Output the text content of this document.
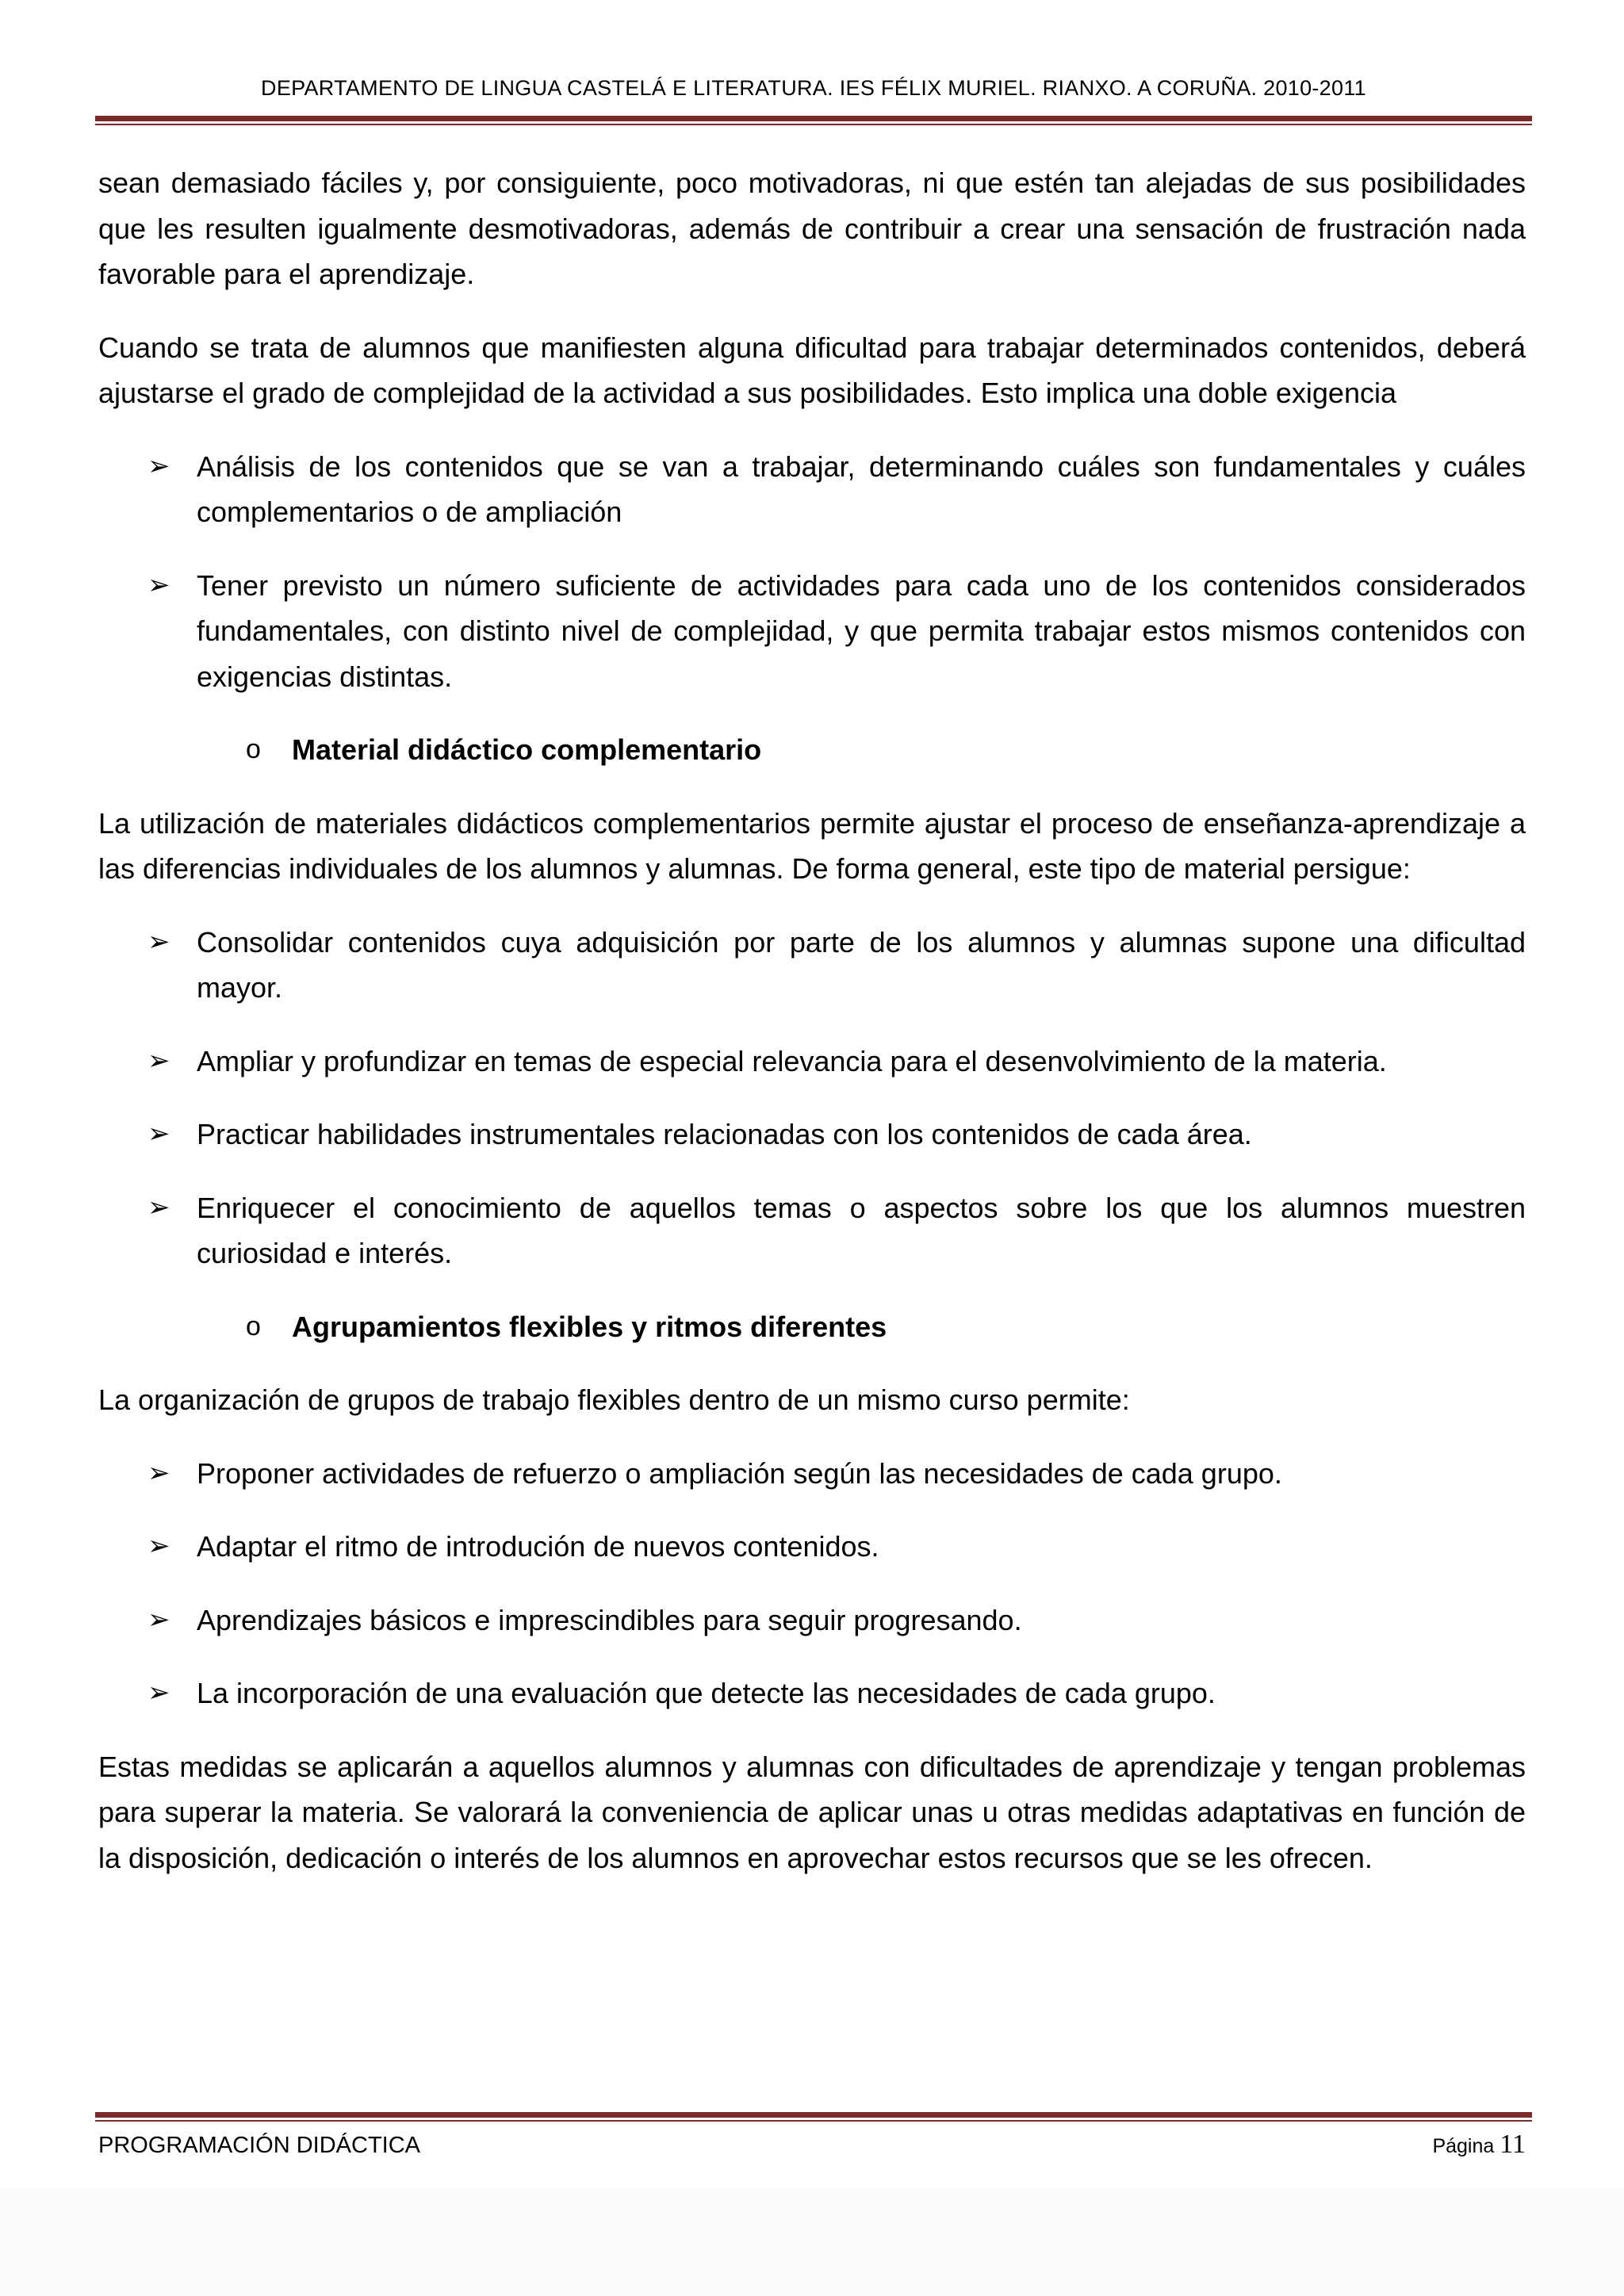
DEPARTAMENTO DE LINGUA CASTELÁ E LITERATURA. IES FÉLIX MURIEL. RIANXO. A CORUÑA. 2010-2011

sean demasiado fáciles y, por consiguiente, poco motivadoras, ni que estén tan alejadas de sus posibilidades que les resulten igualmente desmotivadoras, además de contribuir a crear una sensación de frustración nada favorable para el aprendizaje.

Cuando se trata de alumnos que manifiesten alguna dificultad para trabajar determinados contenidos, deberá ajustarse el grado de complejidad de la actividad a sus posibilidades. Esto implica una doble exigencia

➢ Análisis de los contenidos que se van a trabajar, determinando cuáles son fundamentales y cuáles complementarios o de ampliación
➢ Tener previsto un número suficiente de actividades para cada uno de los contenidos considerados fundamentales, con distinto nivel de complejidad, y que permita trabajar estos mismos contenidos con exigencias distintas.
o Material didáctico complementario

La utilización de materiales didácticos complementarios permite ajustar el proceso de enseñanza-aprendizaje a las diferencias individuales de los alumnos y alumnas. De forma general, este tipo de material persigue:

➢ Consolidar contenidos cuya adquisición por parte de los alumnos y alumnas supone una dificultad mayor.
➢ Ampliar y profundizar en temas de especial relevancia para el desenvolvimiento de la materia.
➢ Practicar habilidades instrumentales relacionadas con los contenidos de cada área.
➢ Enriquecer el conocimiento de aquellos temas o aspectos sobre los que los alumnos muestren curiosidad e interés.
o Agrupamientos flexibles y ritmos diferentes

La organización de grupos de trabajo flexibles dentro de un mismo curso permite:

➢ Proponer actividades de refuerzo o ampliación según las necesidades de cada grupo.
➢ Adaptar el ritmo de introdución de nuevos contenidos.
➢ Aprendizajes básicos e imprescindibles para seguir progresando.
➢ La incorporación de una evaluación que detecte las necesidades de cada grupo.

Estas medidas se aplicarán a aquellos alumnos y alumnas con dificultades de aprendizaje y tengan problemas para superar la materia. Se valorará la conveniencia de aplicar unas u otras medidas adaptativas en función de la disposición, dedicación o interés de los alumnos en aprovechar estos recursos que se les ofrecen.

PROGRAMACIÓN DIDÁCTICA	Página 11
